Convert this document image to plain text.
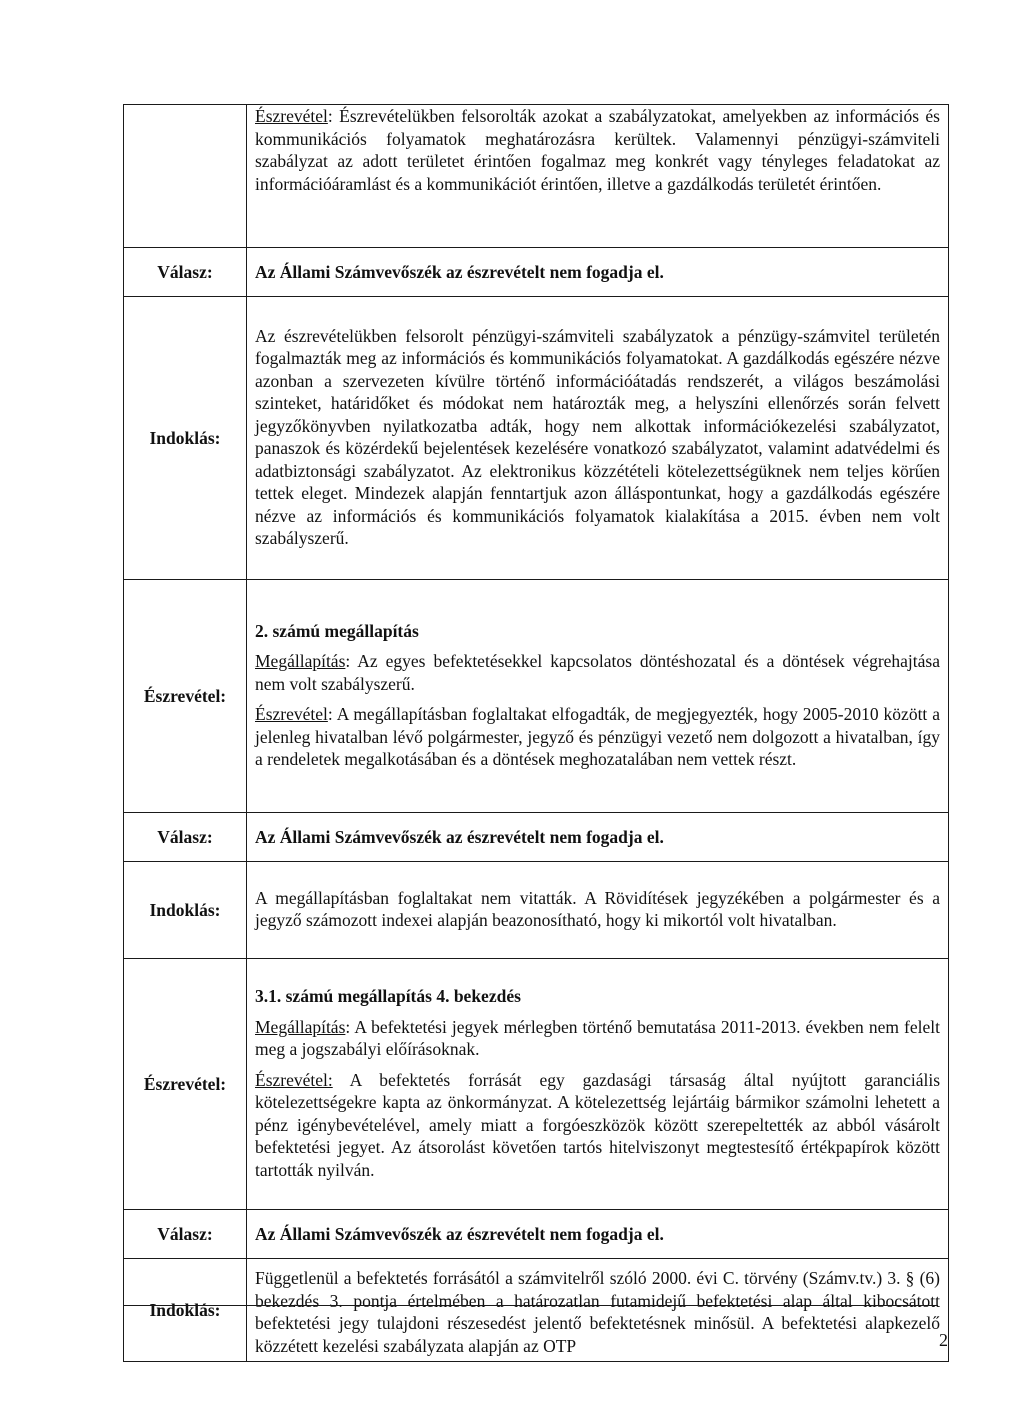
	Észrevétel: Észrevételükben felsorolták azokat a szabályzatokat, amelyekben az információs és kommunikációs folyamatok meghatározásra kerültek. Valamennyi pénzügyi-számviteli szabályzat az adott területet érintően fogalmaz meg konkrét vagy tényleges feladatokat az információáramlást és a kommunikációt érintően, illetve a gazdálkodás területét érintően.

Válasz:	Az Állami Számvevőszék az észrevételt nem fogadja el.
Indoklás:	Az észrevételükben felsorolt pénzügyi-számviteli szabályzatok a pénzügy-számvitel területén fogalmazták meg az információs és kommunikációs folyamatokat. A gazdálkodás egészére nézve azonban a szervezeten kívülre történő információátadás rendszerét, a világos beszámolási szinteket, határidőket és módokat nem határozták meg, a helyszíni ellenőrzés során felvett jegyzőkönyvben nyilatkozatba adták, hogy nem alkottak információkezelési szabályzatot, panaszok és közérdekű bejelentések kezelésére vonatkozó szabályzatot, valamint adatvédelmi és adatbiztonsági szabályzatot. Az elektronikus közzétételi kötelezettségüknek nem teljes körűen tettek eleget. Mindezek alapján fenntartjuk azon álláspontunkat, hogy a gazdálkodás egészére nézve az információs és kommunikációs folyamatok kialakítása a 2015. évben nem volt szabályszerű.
Észrevétel:	2. számú megállapítás

Megállapítás: Az egyes befektetésekkel kapcsolatos döntéshozatal és a döntések végrehajtása nem volt szabályszerű.

Észrevétel: A megállapításban foglaltakat elfogadták, de megjegyezték, hogy 2005-2010 között a jelenleg hivatalban lévő polgármester, jegyző és pénzügyi vezető nem dolgozott a hivatalban, így a rendeletek megalkotásában és a döntések meghozatalában nem vettek részt.

Válasz:	Az Állami Számvevőszék az észrevételt nem fogadja el.
Indoklás:	A megállapításban foglaltakat nem vitatták. A Rövidítések jegyzékében a polgármester és a jegyző számozott indexei alapján beazonosítható, hogy ki mikortól volt hivatalban.
Észrevétel:	3.1. számú megállapítás 4. bekezdés

Megállapítás: A befektetési jegyek mérlegben történő bemutatása 2011-2013. években nem felelt meg a jogszabályi előírásoknak.

Észrevétel: A befektetés forrását egy gazdasági társaság által nyújtott garanciális kötelezettségekre kapta az önkormányzat. A kötelezettség lejártáig bármikor számolni lehetett a pénz igénybevételével, amely miatt a forgóeszközök között szerepeltették az abból vásárolt befektetési jegyet. Az átsorolást követően tartós hitelviszonyt megtestesítő értékpapírok között tartották nyilván.

Válasz:	Az Állami Számvevőszék az észrevételt nem fogadja el.
Indoklás:	Függetlenül a befektetés forrásától a számvitelről szóló 2000. évi C. törvény (Számv.tv.) 3. § (6) bekezdés 3. pontja értelmében a határozatlan futamidejű befektetési alap által kibocsátott befektetési jegy tulajdoni részesedést jelentő befektetésnek minősül. A befektetési alapkezelő közzétett kezelési szabályzata alapján az OTP	2
